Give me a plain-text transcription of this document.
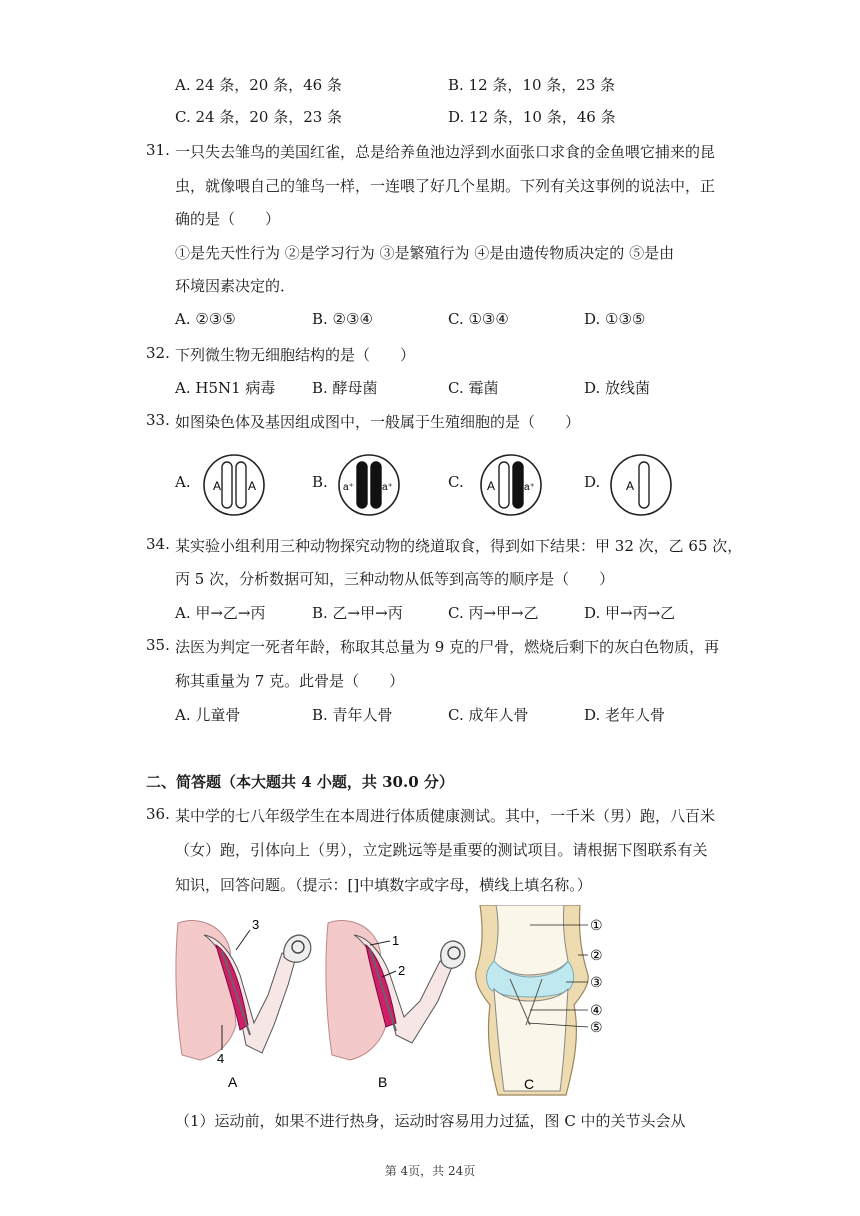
A. 24 条，20 条，46 条	B. 12 条，10 条，23 条
C. 24 条，20 条，23 条	D. 12 条，10 条，46 条
31. 一只失去雏鸟的美国红雀，总是给养鱼池边浮到水面张口求食的金鱼喂它捕来的昆
虫，就像喂自己的雏鸟一样，一连喂了好几个星期。下列有关这事例的说法中，正
确的是（　　）
①是先天性行为 ②是学习行为 ③是繁殖行为 ④是由遗传物质决定的 ⑤是由
环境因素决定的．
A. ②③⑤	B. ②③④	C. ①③④	D. ①③⑤
32. 下列微生物无细胞结构的是（　　）
A. H5N1 病毒 B. 酵母菌	C. 霉菌	D. 放线菌
33. 如图染色体及基因组成图中，一般属于生殖细胞的是（　　）
A. A A	B. a⁺	a⁺	C. A	a⁺	D. A
34. 某实验小组利用三种动物探究动物的绕道取食，得到如下结果：甲 32 次，乙 65 次，
丙 5 次，分析数据可知，三种动物从低等到高等的顺序是（　　）
A. 甲→乙→丙	B. 乙→甲→丙	C. 丙→甲→乙	D. 甲→丙→乙
35. 法医为判定一死者年龄，称取其总量为 9 克的尸骨，燃烧后剩下的灰白色物质，再
称其重量为 7 克。此骨是（　　）
A. 儿童骨	B. 青年人骨	C. 成年人骨	D. 老年人骨
二、简答题（本大题共 4 小题，共 30.0 分）
36. 某中学的七八年级学生在本周进行体质健康测试。其中，一千米（男）跑，八百米
（女）跑，引体向上（男），立定跳远等是重要的测试项目。请根据下图联系有关
知识，回答问题。（提示：[]中填数字或字母，横线上填名称。）
3
4
A
1
2
B
①
②
③
④
⑤
C
（1）运动前，如果不进行热身，运动时容易用力过猛，图 C 中的关节头会从
第 4页，共 24页
